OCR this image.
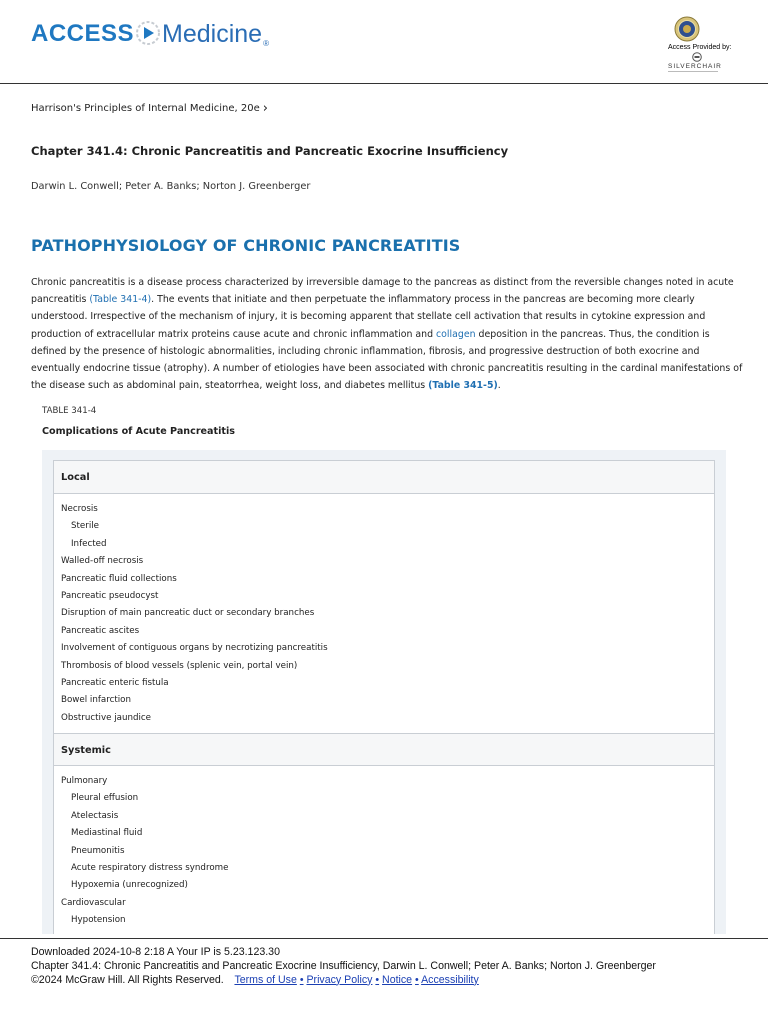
ACCESS Medicine ®	Access Provided by:
SILVERCHAIR
Harrison's Principles of Internal Medicine, 20e ›
Chapter 341.4: Chronic Pancreatitis and Pancreatic Exocrine Insufficiency
Darwin L. Conwell; Peter A. Banks; Norton J. Greenberger
PATHOPHYSIOLOGY OF CHRONIC PANCREATITIS

Chronic pancreatitis is a disease process characterized by irreversible damage to the pancreas as distinct from the reversible changes noted in acute pancreatitis (Table 341-4). The events that initiate and then perpetuate the inflammatory process in the pancreas are becoming more clearly understood. Irrespective of the mechanism of injury, it is becoming apparent that stellate cell activation that results in cytokine expression and production of extracellular matrix proteins cause acute and chronic inflammation and collagen deposition in the pancreas. Thus, the condition is defined by the presence of histologic abnormalities, including chronic inflammation, fibrosis, and progressive destruction of both exocrine and eventually endocrine tissue (atrophy). A number of etiologies have been associated with chronic pancreatitis resulting in the cardinal manifestations of the disease such as abdominal pain, steatorrhea, weight loss, and diabetes mellitus (Table 341-5).

TABLE 341-4
Complications of Acute Pancreatitis
Local
Necrosis
Sterile
Infected
Walled-off necrosis
Pancreatic fluid collections
Pancreatic pseudocyst
Disruption of main pancreatic duct or secondary branches
Pancreatic ascites
Involvement of contiguous organs by necrotizing pancreatitis
Thrombosis of blood vessels (splenic vein, portal vein)
Pancreatic enteric fistula
Bowel infarction
Obstructive jaundice
Systemic
Pulmonary
Pleural effusion
Atelectasis
Mediastinal fluid
Pneumonitis
Acute respiratory distress syndrome
Hypoxemia (unrecognized)
Cardiovascular
Hypotension
Downloaded 2024-10-8 2:18 A Your IP is 5.23.123.30
Chapter 341.4: Chronic Pancreatitis and Pancreatic Exocrine Insufficiency, Darwin L. Conwell; Peter A. Banks; Norton J. Greenberger
©2024 McGraw Hill. All Rights Reserved. Terms of Use • Privacy Policy • Notice • Accessibility
